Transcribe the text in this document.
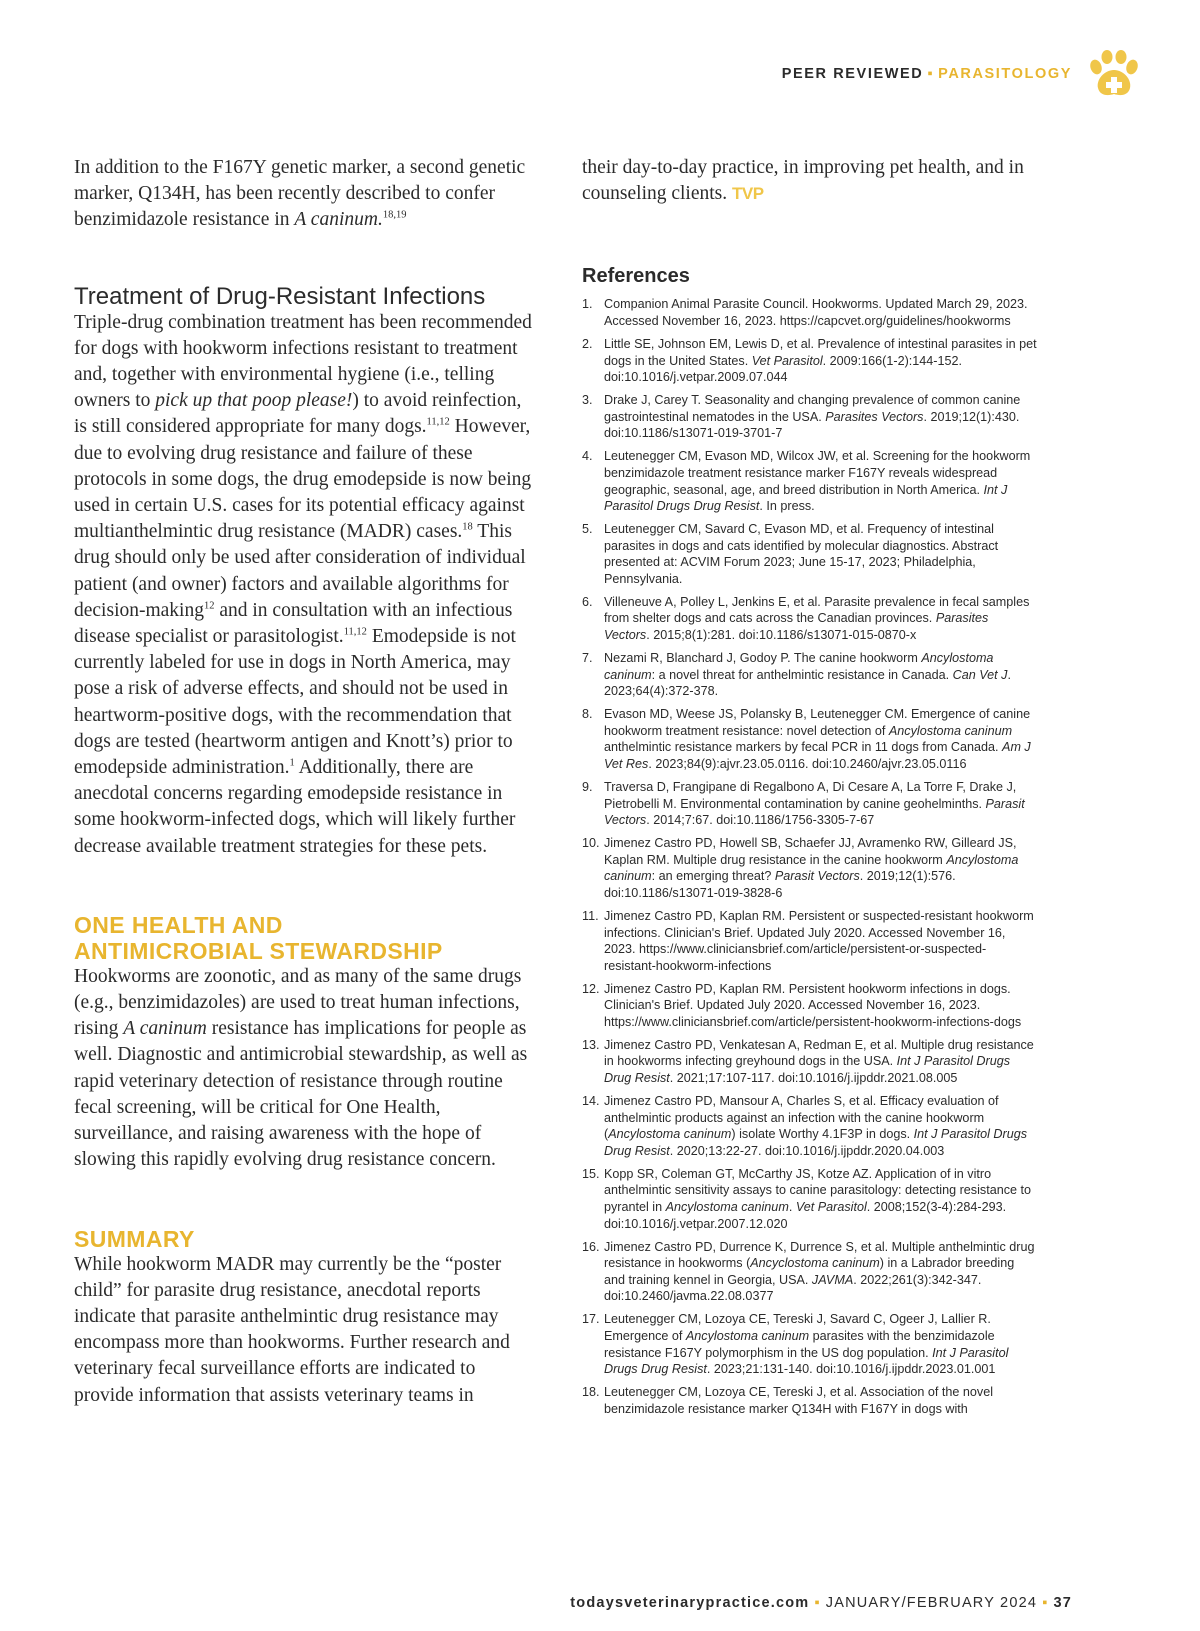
PEER REVIEWED ▪ PARASITOLOGY

In addition to the F167Y genetic marker, a second genetic marker, Q134H, has been recently described to confer benzimidazole resistance in A caninum.$^{18,19}$

Treatment of Drug-Resistant Infections

Triple-drug combination treatment has been recommended for dogs with hookworm infections resistant to treatment and, together with environmental hygiene (i.e., telling owners to pick up that poop please!) to avoid reinfection, is still considered appropriate for many dogs.$^{11,12}$ However, due to evolving drug resistance and failure of these protocols in some dogs, the drug emodepside is now being used in certain U.S. cases for its potential efficacy against multianthelmintic drug resistance (MADR) cases.$^{18}$ This drug should only be used after consideration of individual patient (and owner) factors and available algorithms for decision-making$^{12}$ and in consultation with an infectious disease specialist or parasitologist.$^{11,12}$ Emodepside is not currently labeled for use in dogs in North America, may pose a risk of adverse effects, and should not be used in heartworm-positive dogs, with the recommendation that dogs are tested (heartworm antigen and Knott’s) prior to emodepside administration.$^1$ Additionally, there are anecdotal concerns regarding emodepside resistance in some hookworm-infected dogs, which will likely further decrease available treatment strategies for these pets.

ONE HEALTH AND
ANTIMICROBIAL STEWARDSHIP

Hookworms are zoonotic, and as many of the same drugs (e.g., benzimidazoles) are used to treat human infections, rising A caninum resistance has implications for people as well. Diagnostic and antimicrobial stewardship, as well as rapid veterinary detection of resistance through routine fecal screening, will be critical for One Health, surveillance, and raising awareness with the hope of slowing this rapidly evolving drug resistance concern.

SUMMARY

While hookworm MADR may currently be the “poster child” for parasite drug resistance, anecdotal reports indicate that parasite anthelmintic drug resistance may encompass more than hookworms. Further research and veterinary fecal surveillance efforts are indicated to provide information that assists veterinary teams in

their day-to-day practice, in improving pet health, and in counseling clients. TVP

References
1. Companion Animal Parasite Council. Hookworms. Updated March 29, 2023. Accessed November 16, 2023. https://capcvet.org/guidelines/hookworms
2. Little SE, Johnson EM, Lewis D, et al. Prevalence of intestinal parasites in pet dogs in the United States. Vet Parasitol. 2009:166(1-2):144-152. doi:10.1016/j.vetpar.2009.07.044
3. Drake J, Carey T. Seasonality and changing prevalence of common canine gastrointestinal nematodes in the USA. Parasites Vectors. 2019;12(1):430. doi:10.1186/s13071-019-3701-7
4. Leutenegger CM, Evason MD, Wilcox JW, et al. Screening for the hookworm benzimidazole treatment resistance marker F167Y reveals widespread geographic, seasonal, age, and breed distribution in North America. Int J Parasitol Drugs Drug Resist. In press.
5. Leutenegger CM, Savard C, Evason MD, et al. Frequency of intestinal parasites in dogs and cats identified by molecular diagnostics. Abstract presented at: ACVIM Forum 2023; June 15-17, 2023; Philadelphia, Pennsylvania.
6. Villeneuve A, Polley L, Jenkins E, et al. Parasite prevalence in fecal samples from shelter dogs and cats across the Canadian provinces. Parasites Vectors. 2015;8(1):281. doi:10.1186/s13071-015-0870-x
7. Nezami R, Blanchard J, Godoy P. The canine hookworm Ancylostoma caninum: a novel threat for anthelmintic resistance in Canada. Can Vet J. 2023;64(4):372-378.
8. Evason MD, Weese JS, Polansky B, Leutenegger CM. Emergence of canine hookworm treatment resistance: novel detection of Ancylostoma caninum anthelmintic resistance markers by fecal PCR in 11 dogs from Canada. Am J Vet Res. 2023;84(9):ajvr.23.05.0116. doi:10.2460/ajvr.23.05.0116
9. Traversa D, Frangipane di Regalbono A, Di Cesare A, La Torre F, Drake J, Pietrobelli M. Environmental contamination by canine geohelminths. Parasit Vectors. 2014;7:67. doi:10.1186/1756-3305-7-67
10. Jimenez Castro PD, Howell SB, Schaefer JJ, Avramenko RW, Gilleard JS, Kaplan RM. Multiple drug resistance in the canine hookworm Ancylostoma caninum: an emerging threat? Parasit Vectors. 2019;12(1):576. doi:10.1186/s13071-019-3828-6
11. Jimenez Castro PD, Kaplan RM. Persistent or suspected-resistant hookworm infections. Clinician's Brief. Updated July 2020. Accessed November 16, 2023. https://www.cliniciansbrief.com/article/persistent-or-suspected-resistant-hookworm-infections
12. Jimenez Castro PD, Kaplan RM. Persistent hookworm infections in dogs. Clinician's Brief. Updated July 2020. Accessed November 16, 2023. https://www.cliniciansbrief.com/article/persistent-hookworm-infections-dogs
13. Jimenez Castro PD, Venkatesan A, Redman E, et al. Multiple drug resistance in hookworms infecting greyhound dogs in the USA. Int J Parasitol Drugs Drug Resist. 2021;17:107-117. doi:10.1016/j.ijpddr.2021.08.005
14. Jimenez Castro PD, Mansour A, Charles S, et al. Efficacy evaluation of anthelmintic products against an infection with the canine hookworm (Ancylostoma caninum) isolate Worthy 4.1F3P in dogs. Int J Parasitol Drugs Drug Resist. 2020;13:22-27. doi:10.1016/j.ijpddr.2020.04.003
15. Kopp SR, Coleman GT, McCarthy JS, Kotze AZ. Application of in vitro anthelmintic sensitivity assays to canine parasitology: detecting resistance to pyrantel in Ancylostoma caninum. Vet Parasitol. 2008;152(3-4):284-293. doi:10.1016/j.vetpar.2007.12.020
16. Jimenez Castro PD, Durrence K, Durrence S, et al. Multiple anthelmintic drug resistance in hookworms (Ancyclostoma caninum) in a Labrador breeding and training kennel in Georgia, USA. JAVMA. 2022;261(3):342-347. doi:10.2460/javma.22.08.0377
17. Leutenegger CM, Lozoya CE, Tereski J, Savard C, Ogeer J, Lallier R. Emergence of Ancylostoma caninum parasites with the benzimidazole resistance F167Y polymorphism in the US dog population. Int J Parasitol Drugs Drug Resist. 2023;21:131-140. doi:10.1016/j.ijpddr.2023.01.001
18. Leutenegger CM, Lozoya CE, Tereski J, et al. Association of the novel benzimidazole resistance marker Q134H with F167Y in dogs with
todaysveterinarypractice.com ▪ JANUARY/FEBRUARY 2024 ▪ 37
